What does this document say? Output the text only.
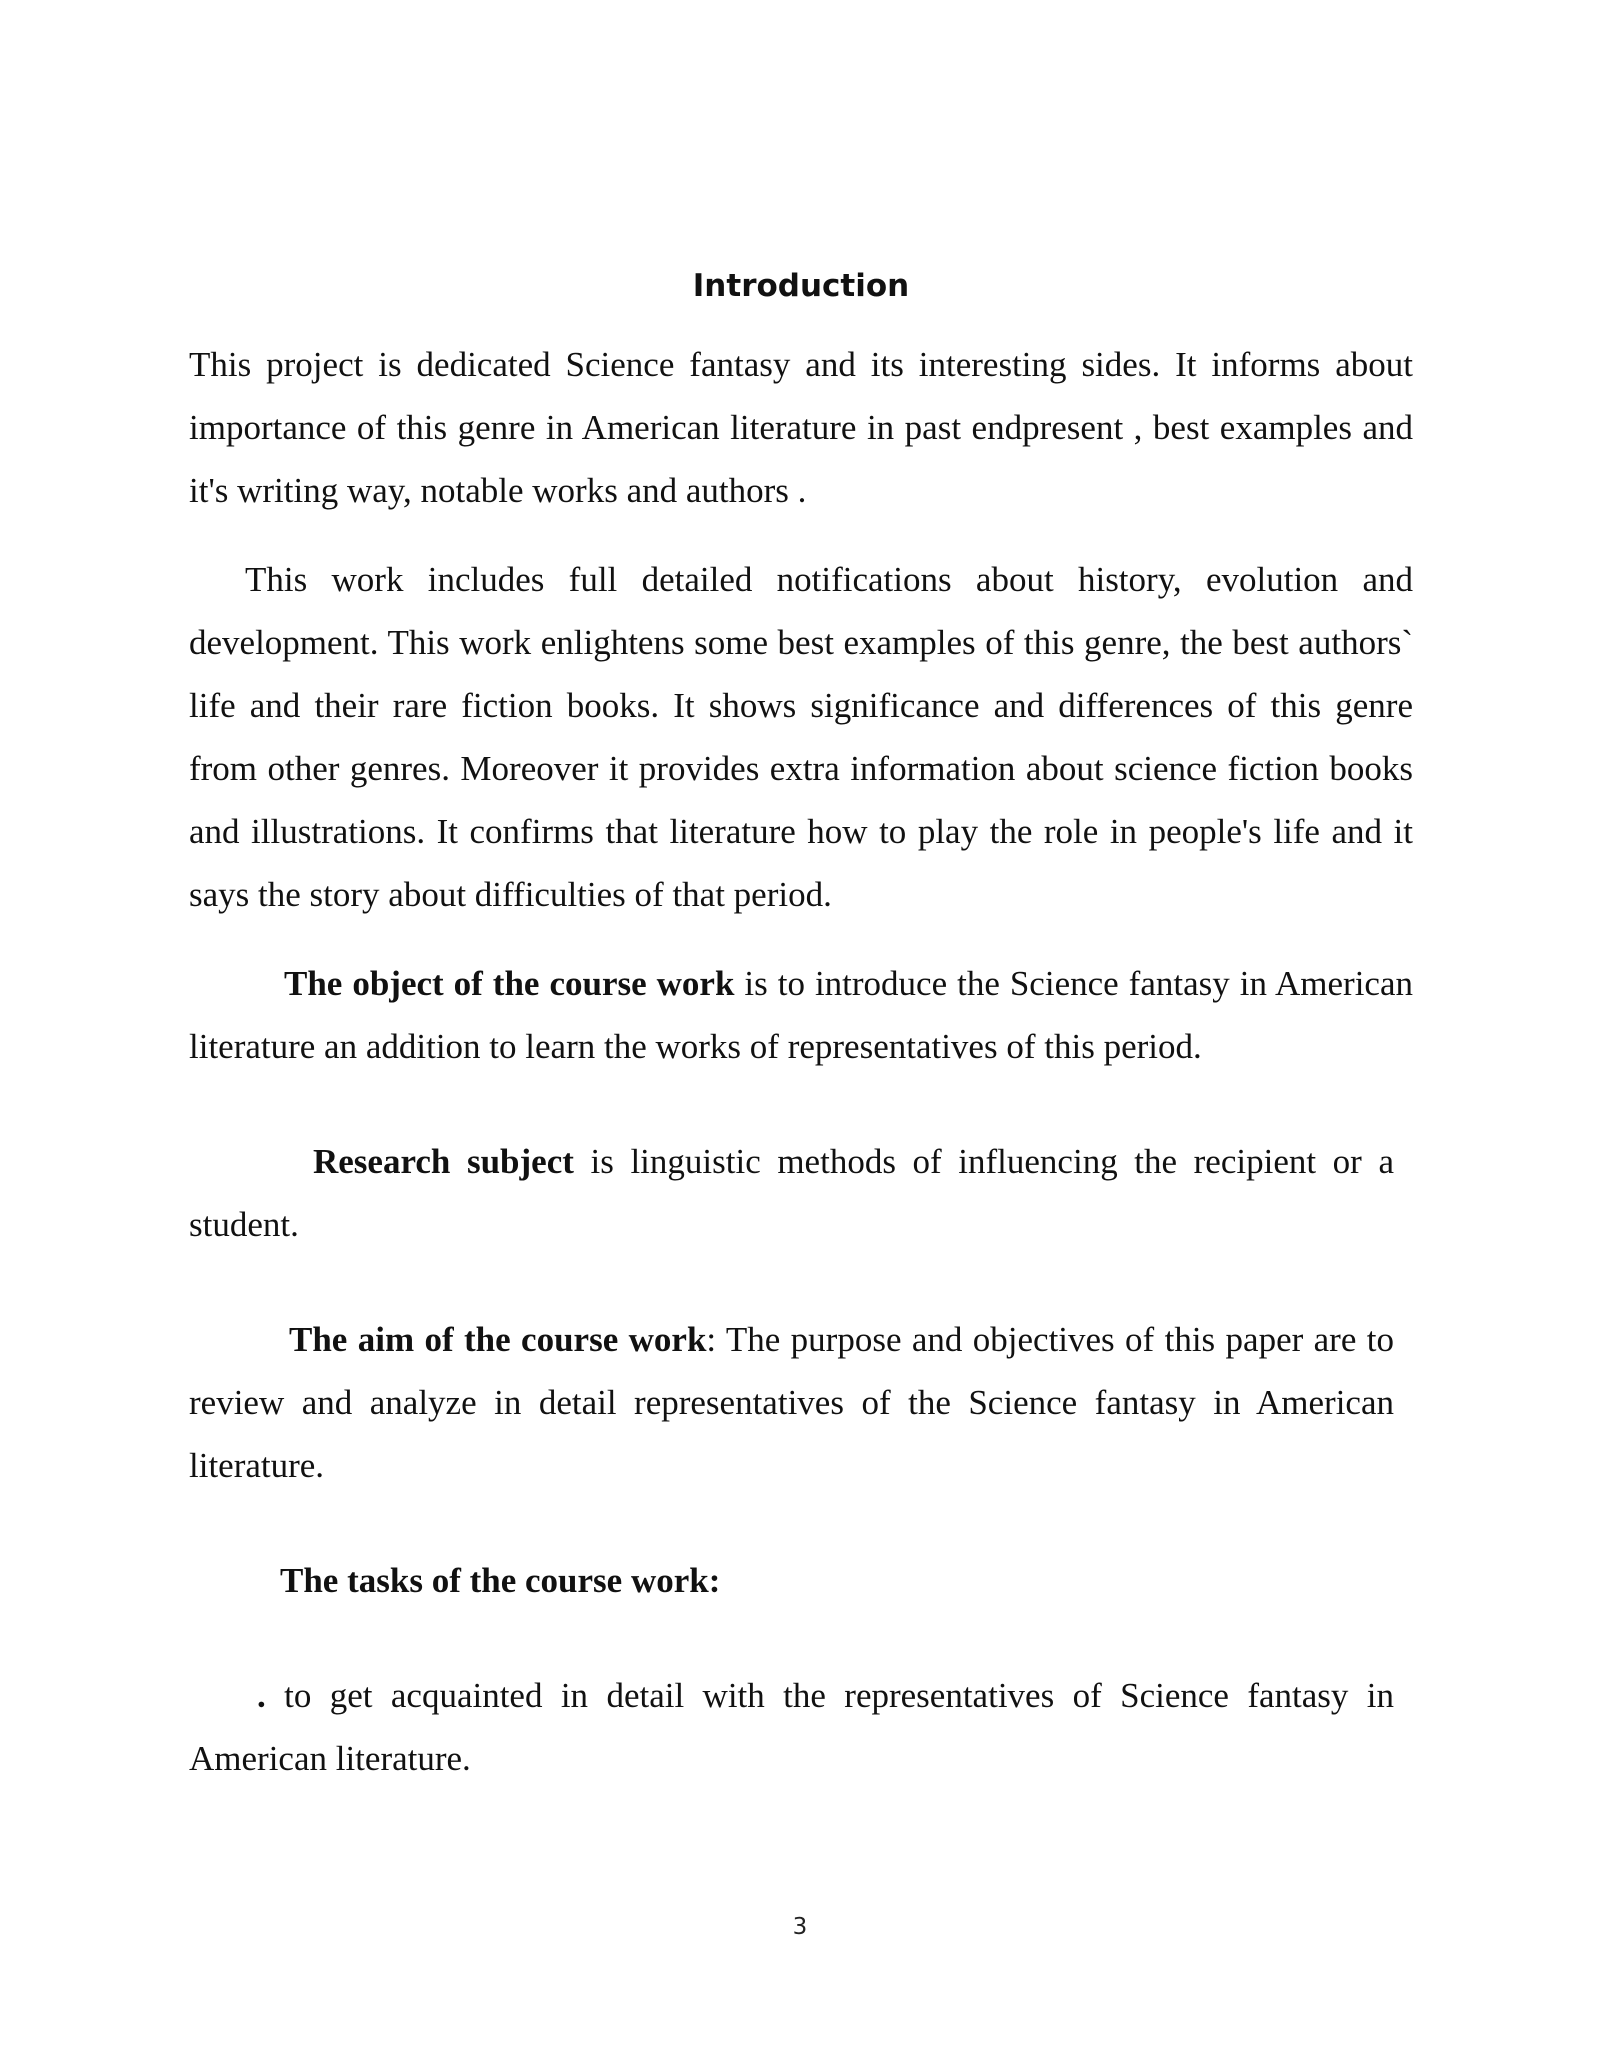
Introduction

This project is dedicated Science fantasy and its interesting sides. It informs about importance of this genre in American literature in past endpresent , best examples and it's writing way, notable works and authors .

This work includes full detailed notifications about history, evolution and development. This work enlightens some best examples of this genre, the best authors` life and their rare fiction books. It shows significance and differences of this genre from other genres. Moreover it provides extra information about science fiction books and illustrations. It confirms that literature how to play the role in people's life and it says the story about difficulties of that period.

The object of the course work is to introduce the Science fantasy in American literature an addition to learn the works of representatives of this period.

Research subject is linguistic methods of influencing the recipient or a student.

The aim of the course work: The purpose and objectives of this paper are to review and analyze in detail representatives of the Science fantasy in American literature.

The tasks of the course work:

. to get acquainted in detail with the representatives of Science fantasy in American literature.

3
